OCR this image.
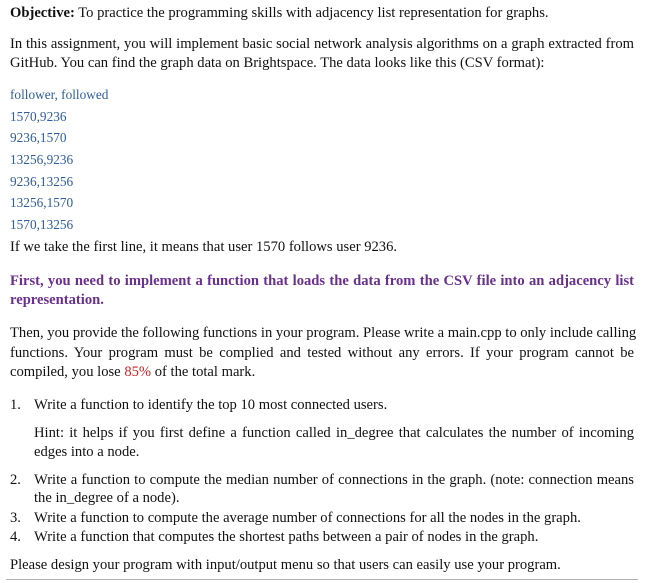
Objective: To practice the programming skills with adjacency list representation for graphs.
In this assignment, you will implement basic social network analysis algorithms on a graph extracted from
GitHub. You can find the graph data on Brightspace. The data looks like this (CSV format):
follower, followed
1570,9236
9236,1570
13256,9236
9236,13256
13256,1570
1570,13256
If we take the first line, it means that user 1570 follows user 9236.
First, you need to implement a function that loads the data from the CSV file into an adjacency list
representation.
Then, you provide the following functions in your program. Please write a main.cpp to only include calling
functions. Your program must be complied and tested without any errors. If your program cannot be
compiled, you lose 85% of the total mark.
1. Write a function to identify the top 10 most connected users.
Hint: it helps if you first define a function called in_degree that calculates the number of incoming
edges into a node.
2. Write a function to compute the median number of connections in the graph. (note: connection means
the in_degree of a node).
3. Write a function to compute the average number of connections for all the nodes in the graph.
4. Write a function that computes the shortest paths between a pair of nodes in the graph.
Please design your program with input/output menu so that users can easily use your program.
